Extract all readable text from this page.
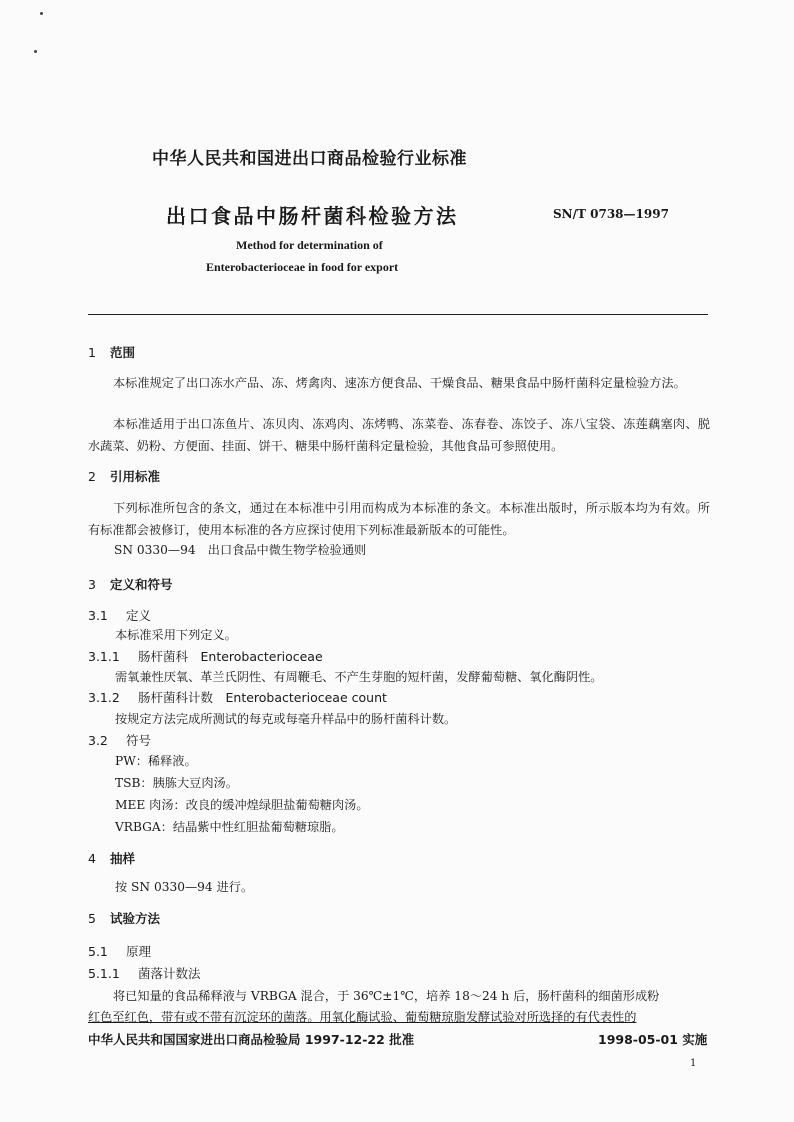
中华人民共和国进出口商品检验行业标准
出口食品中肠杆菌科检验方法	SN/T 0738—1997
Method for determination of
Enterobacterioceae in food for export
1 范围
本标准规定了出口冻水产品、冻、烤禽肉、速冻方便食品、干燥食品、糖果食品中肠杆菌科定量检验方法。
本标准适用于出口冻鱼片、冻贝肉、冻鸡肉、冻烤鸭、冻菜卷、冻春卷、冻饺子、冻八宝袋、冻莲藕塞肉、脱水蔬菜、奶粉、方便面、挂面、饼干、糖果中肠杆菌科定量检验，其他食品可参照使用。
2 引用标准
下列标准所包含的条文，通过在本标准中引用而构成为本标准的条文。本标准出版时，所示版本均为有效。所有标准都会被修订，使用本标准的各方应探讨使用下列标准最新版本的可能性。
SN 0330—94　出口食品中微生物学检验通则
3 定义和符号
3.1 定义
本标准采用下列定义。
3.1.1 肠杆菌科　Enterobacterioceae
需氧兼性厌氧、革兰氏阴性、有周鞭毛、不产生芽胞的短杆菌，发酵葡萄糖、氧化酶阴性。
3.1.2 肠杆菌科计数　Enterobacterioceae count
按规定方法完成所测试的每克或每毫升样品中的肠杆菌科计数。
3.2 符号
PW：稀释液。
TSB：胰胨大豆肉汤。
MEE 肉汤：改良的缓冲煌绿胆盐葡萄糖肉汤。
VRBGA：结晶紫中性红胆盐葡萄糖琼脂。
4 抽样
按 SN 0330—94 进行。
5 试验方法
5.1 原理
5.1.1 菌落计数法
将已知量的食品稀释液与 VRBGA 混合，于 36℃±1℃，培养 18～24 h 后，肠杆菌科的细菌形成粉
红色至红色，带有或不带有沉淀环的菌落。用氧化酶试验、葡萄糖琼脂发酵试验对所选择的有代表性的
中华人民共和国国家进出口商品检验局 1997-12-22 批准	1998-05-01 实施
1
